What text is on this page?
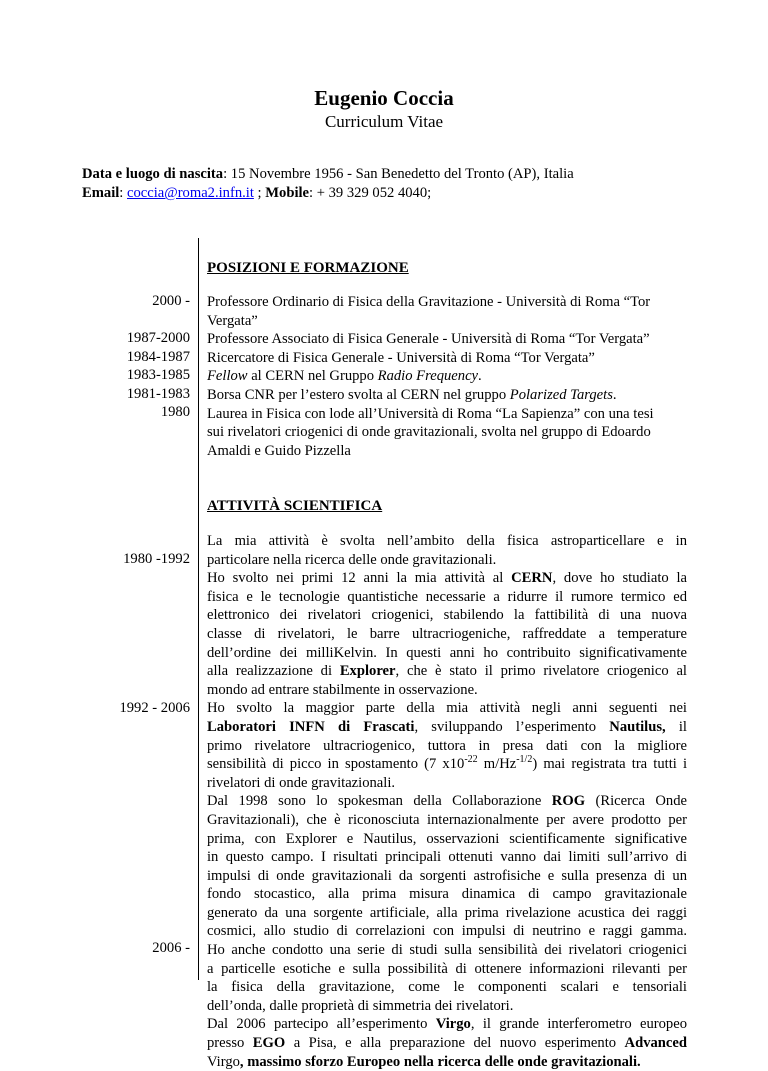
Eugenio Coccia
Curriculum Vitae
Data e luogo di nascita: 15 Novembre 1956 - San Benedetto del Tronto (AP), Italia
Email: coccia@roma2.infn.it ; Mobile: + 39 329 052 4040;
POSIZIONI E FORMAZIONE
2000 -
1987-2000
1984-1987
1983-1985
1981-1983
1980
Professore Ordinario di Fisica della Gravitazione - Università di Roma “Tor
Vergata”
Professore Associato di Fisica Generale - Università di Roma “Tor Vergata”
Ricercatore di Fisica Generale - Università di Roma “Tor Vergata”
Fellow al CERN nel Gruppo Radio Frequency.
Borsa CNR per l’estero svolta al CERN nel gruppo Polarized Targets.
Laurea in Fisica con lode all’Università di Roma “La Sapienza” con una tesi
sui rivelatori criogenici di onde gravitazionali, svolta nel gruppo di Edoardo
Amaldi e Guido Pizzella
ATTIVITÀ SCIENTIFICA
1980 -1992
1992 - 2006
2006 -
La mia attività è svolta nell’ambito della fisica astroparticellare e in
particolare nella ricerca delle onde gravitazionali.
Ho svolto nei primi 12 anni la mia attività al CERN, dove ho studiato la
fisica e le tecnologie quantistiche necessarie a ridurre il rumore termico ed
elettronico dei rivelatori criogenici, stabilendo la fattibilità di una nuova
classe di rivelatori, le barre ultracriogeniche, raffreddate a temperature
dell’ordine dei milliKelvin. In questi anni ho contribuito significativamente
alla realizzazione di Explorer, che è stato il primo rivelatore criogenico al
mondo ad entrare stabilmente in osservazione.
Ho svolto la maggior parte della mia attività negli anni seguenti nei
Laboratori INFN di Frascati, sviluppando l’esperimento Nautilus, il
primo rivelatore ultracriogenico, tuttora in presa dati con la migliore
sensibilità di picco in spostamento (7 $x10^{-22}$ $m/Hz^{-1/2}$) mai registrata tra tutti i
rivelatori di onde gravitazionali.
Dal 1998 sono lo spokesman della Collaborazione ROG (Ricerca Onde
Gravitazionali), che è riconosciuta internazionalmente per avere prodotto per
prima, con Explorer e Nautilus, osservazioni scientificamente significative
in questo campo. I risultati principali ottenuti vanno dai limiti sull’arrivo di
impulsi di onde gravitazionali da sorgenti astrofisiche e sulla presenza di un
fondo stocastico, alla prima misura dinamica di campo gravitazionale
generato da una sorgente artificiale, alla prima rivelazione acustica dei raggi
cosmici, allo studio di correlazioni con impulsi di neutrino e raggi gamma.
Ho anche condotto una serie di studi sulla sensibilità dei rivelatori criogenici
a particelle esotiche e sulla possibilità di ottenere informazioni rilevanti per
la fisica della gravitazione, come le componenti scalari e tensoriali
dell’onda, dalle proprietà di simmetria dei rivelatori.
Dal 2006 partecipo all’esperimento Virgo, il grande interferometro europeo
presso EGO a Pisa, e alla preparazione del nuovo esperimento Advanced
Virgo, massimo sforzo Europeo nella ricerca delle onde gravitazionali.
